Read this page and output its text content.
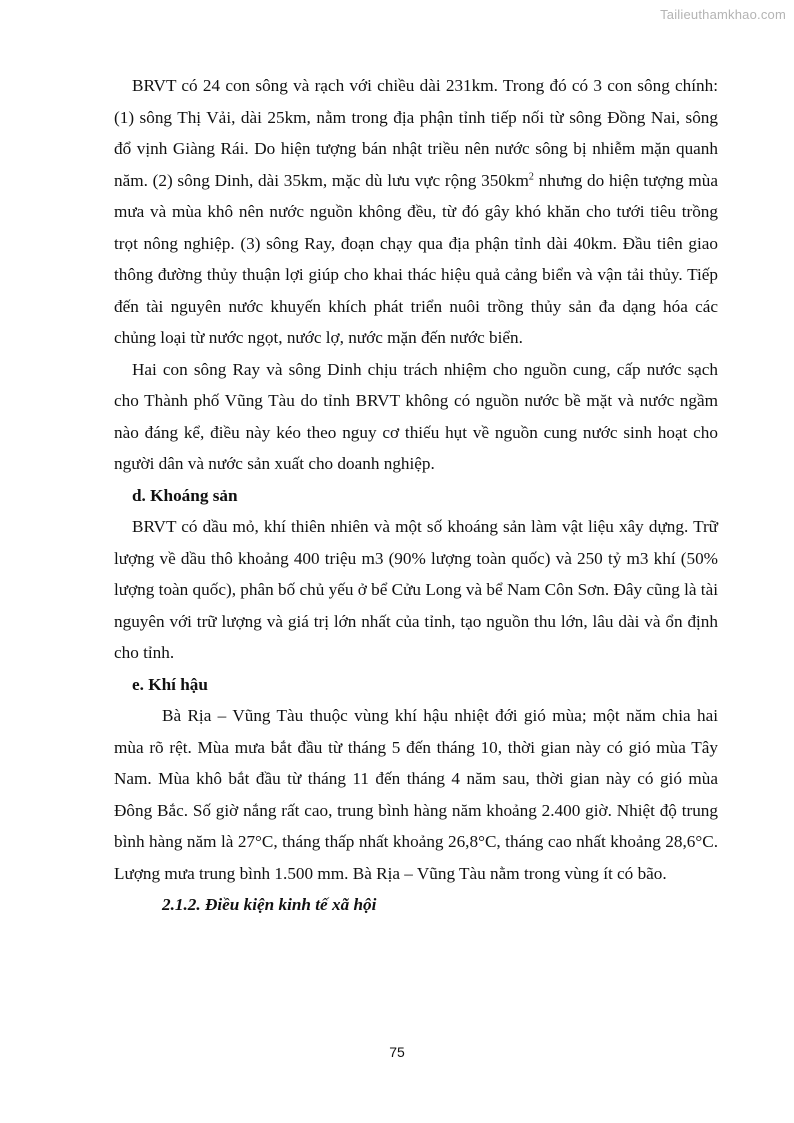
Tailieuthamkhao.com

BRVT có 24 con sông và rạch với chiều dài 231km. Trong đó có 3 con sông chính: (1) sông Thị Vải, dài 25km, nằm trong địa phận tỉnh tiếp nối từ sông Đồng Nai, sông đổ vịnh Giàng Rái. Do hiện tượng bán nhật triều nên nước sông bị nhiễm mặn quanh năm. (2) sông Dinh, dài 35km, mặc dù lưu vực rộng $350km^2$ nhưng do hiện tượng mùa mưa và mùa khô nên nước nguồn không đều, từ đó gây khó khăn cho tưới tiêu trồng trọt nông nghiệp. (3) sông Ray, đoạn chạy qua địa phận tỉnh dài 40km. Đầu tiên giao thông đường thủy thuận lợi giúp cho khai thác hiệu quả cảng biển và vận tải thủy. Tiếp đến tài nguyên nước khuyến khích phát triển nuôi trồng thủy sản đa dạng hóa các chủng loại từ nước ngọt, nước lợ, nước mặn đến nước biển.

Hai con sông Ray và sông Dinh chịu trách nhiệm cho nguồn cung, cấp nước sạch cho Thành phố Vũng Tàu do tỉnh BRVT không có nguồn nước bề mặt và nước ngầm nào đáng kể, điều này kéo theo nguy cơ thiếu hụt về nguồn cung nước sinh hoạt cho người dân và nước sản xuất cho doanh nghiệp.

d. Khoáng sản

BRVT có dầu mỏ, khí thiên nhiên và một số khoáng sản làm vật liệu xây dựng. Trữ lượng về dầu thô khoảng 400 triệu m3 (90% lượng toàn quốc) và 250 tỷ m3 khí (50% lượng toàn quốc), phân bố chủ yếu ở bể Cửu Long và bể Nam Côn Sơn. Đây cũng là tài nguyên với trữ lượng và giá trị lớn nhất của tỉnh, tạo nguồn thu lớn, lâu dài và ổn định cho tỉnh.

e. Khí hậu

Bà Rịa – Vũng Tàu thuộc vùng khí hậu nhiệt đới gió mùa; một năm chia hai mùa rõ rệt. Mùa mưa bắt đầu từ tháng 5 đến tháng 10, thời gian này có gió mùa Tây Nam. Mùa khô bắt đầu từ tháng 11 đến tháng 4 năm sau, thời gian này có gió mùa Đông Bắc. Số giờ nắng rất cao, trung bình hàng năm khoảng 2.400 giờ. Nhiệt độ trung bình hàng năm là 27°C, tháng thấp nhất khoảng 26,8°C, tháng cao nhất khoảng 28,6°C. Lượng mưa trung bình 1.500 mm. Bà Rịa – Vũng Tàu nằm trong vùng ít có bão.

2.1.2. Điều kiện kinh tế xã hội

75
